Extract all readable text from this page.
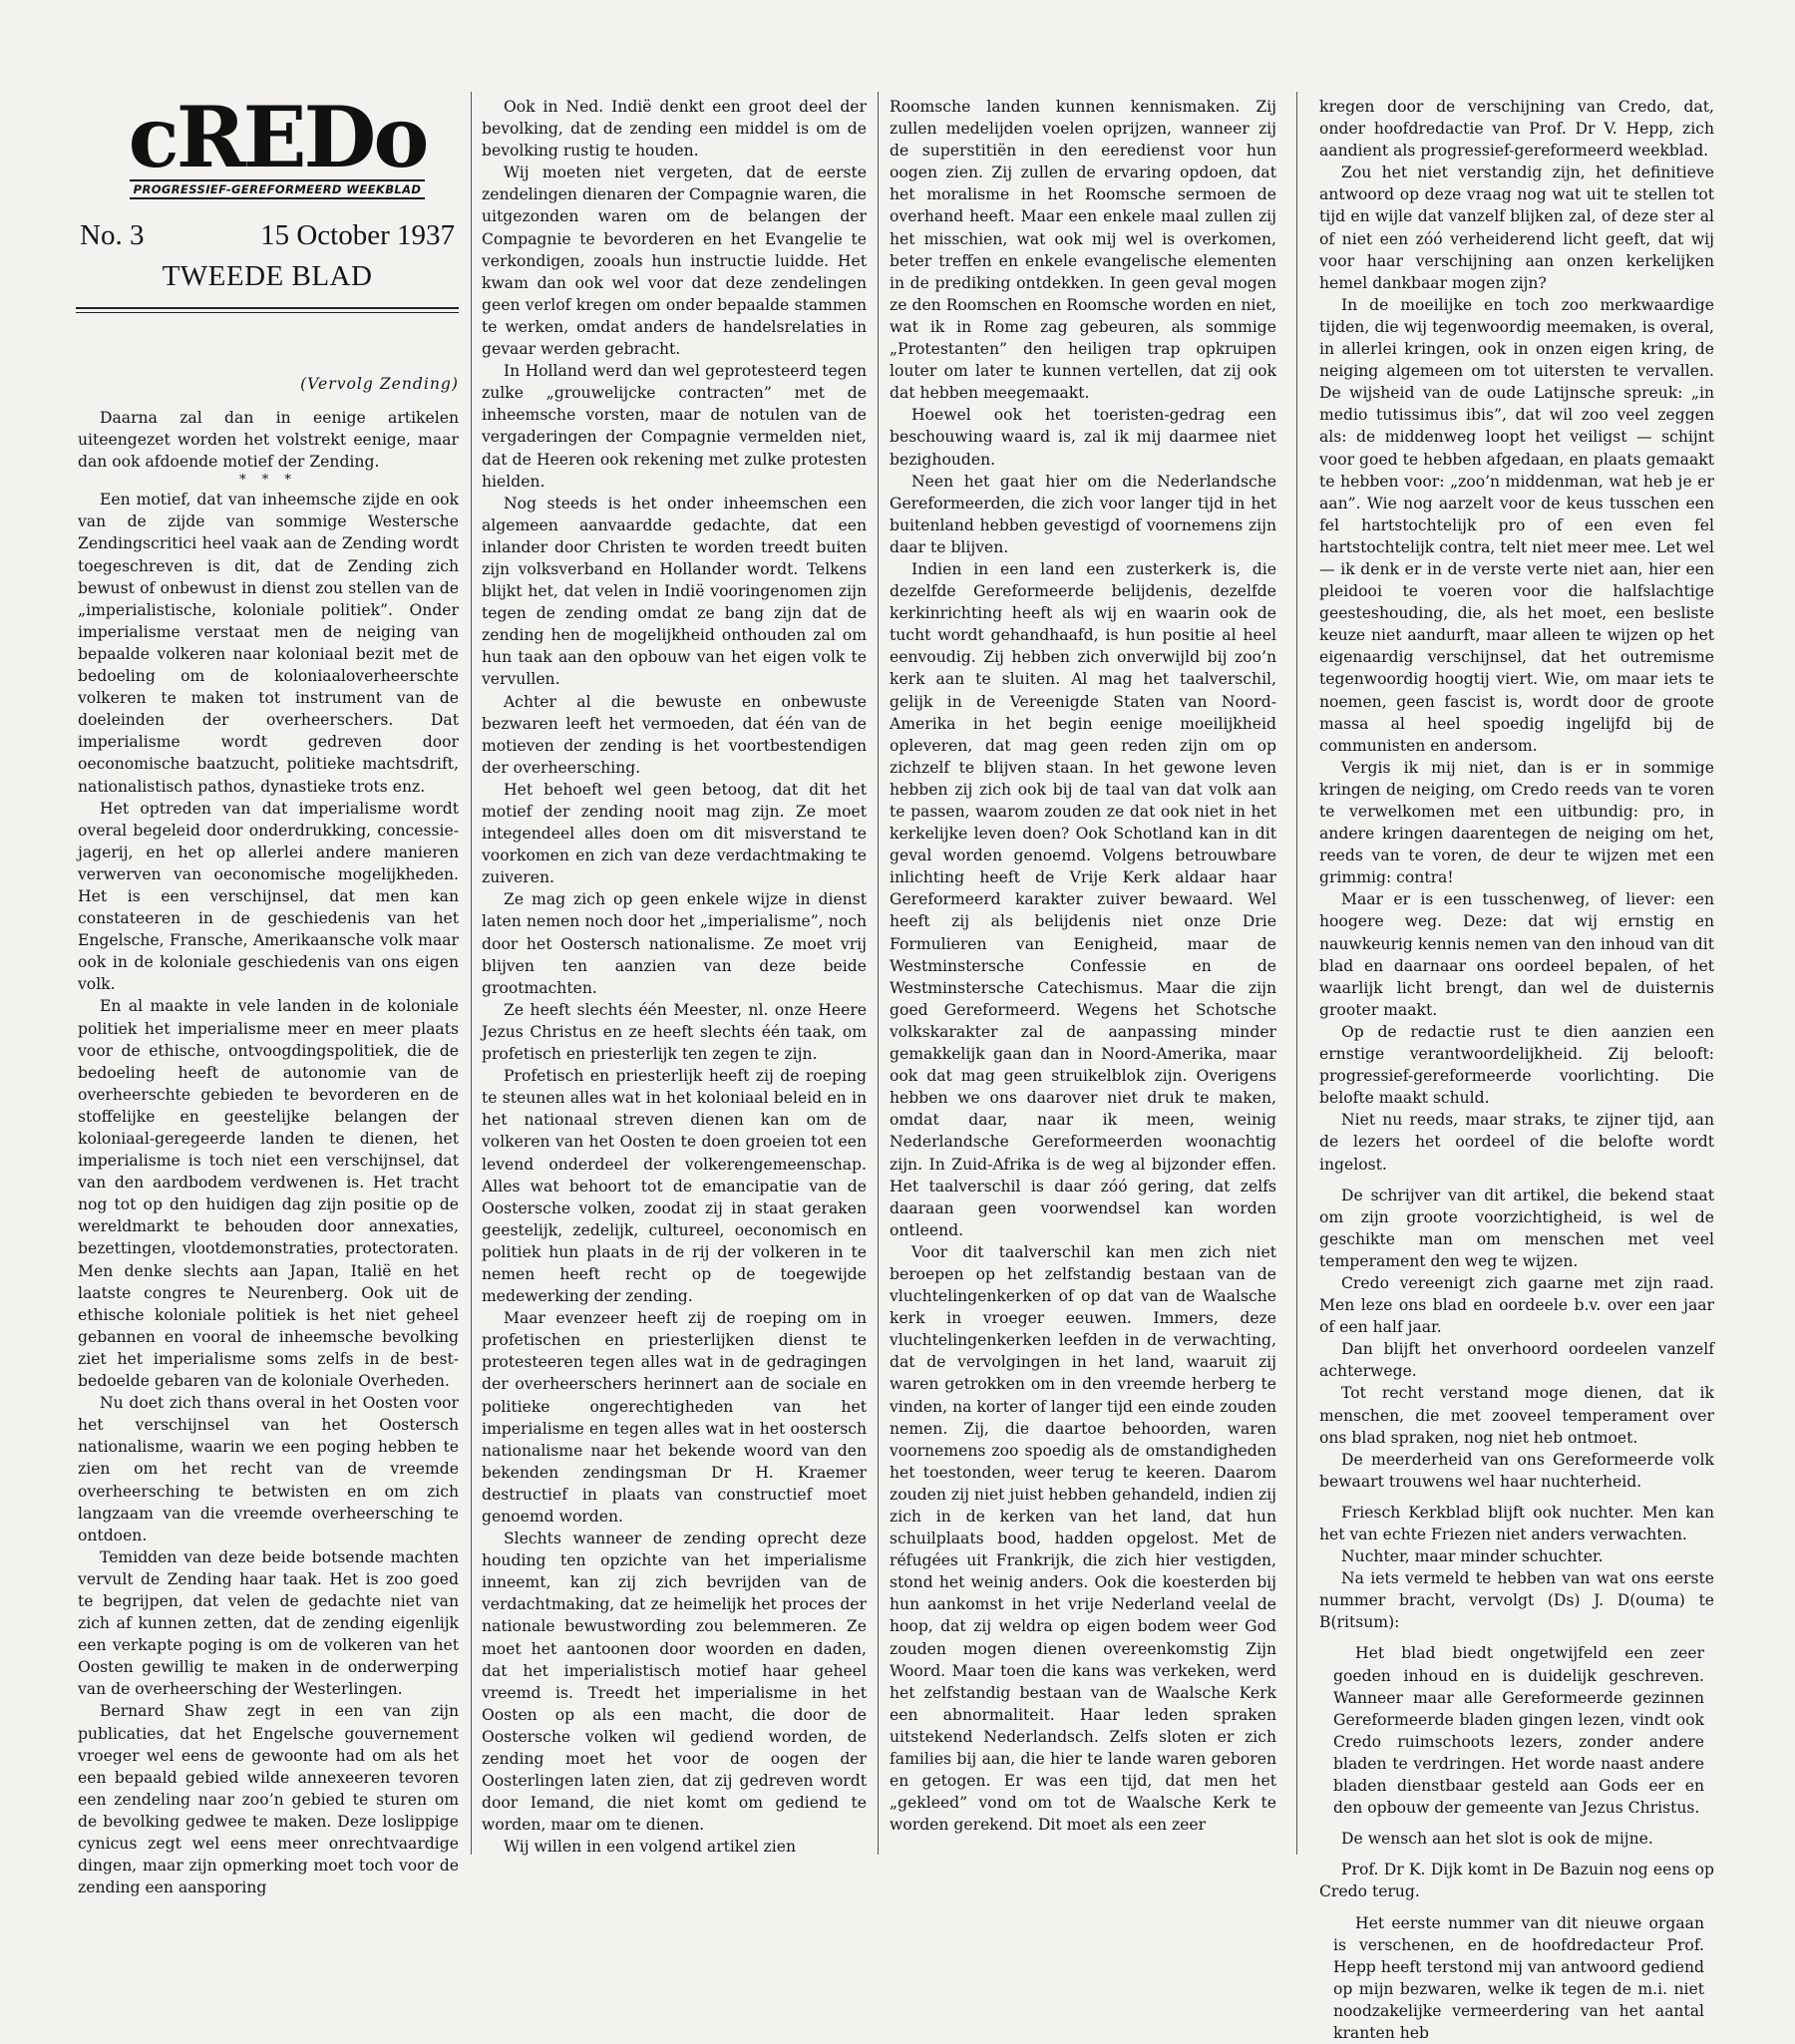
cREDo
PROGRESSIEF-GEREFORMEERD WEEKBLAD
No. 3	15 October 1937
TWEEDE BLAD
(Vervolg Zending)

Daarna zal dan in eenige artikelen uiteengezet worden het volstrekt eenige, maar dan ook afdoende motief der Zending.

* * *

Een motief, dat van inheemsche zijde en ook van de zijde van sommige Westersche Zendingscritici heel vaak aan de Zending wordt toegeschreven is dit, dat de Zending zich bewust of onbewust in dienst zou stellen van de „imperialistische, koloniale politiek”. Onder imperialisme verstaat men de neiging van bepaalde volkeren naar koloniaal bezit met de bedoeling om de koloniaaloverheerschte volkeren te maken tot instrument van de doeleinden der overheerschers. Dat imperialisme wordt gedreven door oeconomische baatzucht, politieke machtsdrift, nationalistisch pathos, dynastieke trots enz.

Het optreden van dat imperialisme wordt overal begeleid door onderdrukking, concessie-jagerij, en het op allerlei andere manieren verwerven van oeconomische mogelijkheden. Het is een verschijnsel, dat men kan constateeren in de geschiedenis van het Engelsche, Fransche, Amerikaansche volk maar ook in de koloniale geschiedenis van ons eigen volk.

En al maakte in vele landen in de koloniale politiek het imperialisme meer en meer plaats voor de ethische, ontvoogdingspolitiek, die de bedoeling heeft de autonomie van de overheerschte gebieden te bevorderen en de stoffelijke en geestelijke belangen der koloniaal-geregeerde landen te dienen, het imperialisme is toch niet een verschijnsel, dat van den aardbodem verdwenen is. Het tracht nog tot op den huidigen dag zijn positie op de wereldmarkt te behouden door annexaties, bezettingen, vlootdemonstraties, protectoraten. Men denke slechts aan Japan, Italië en het laatste congres te Neurenberg. Ook uit de ethische koloniale politiek is het niet geheel gebannen en vooral de inheemsche bevolking ziet het imperialisme soms zelfs in de best-bedoelde gebaren van de koloniale Overheden.

Nu doet zich thans overal in het Oosten voor het verschijnsel van het Oostersch nationalisme, waarin we een poging hebben te zien om het recht van de vreemde overheersching te betwisten en om zich langzaam van die vreemde overheersching te ontdoen.

Temidden van deze beide botsende machten vervult de Zending haar taak. Het is zoo goed te begrijpen, dat velen de gedachte niet van zich af kunnen zetten, dat de zending eigenlijk een verkapte poging is om de volkeren van het Oosten gewillig te maken in de onderwerping van de overheersching der Westerlingen.

Bernard Shaw zegt in een van zijn publicaties, dat het Engelsche gouvernement vroeger wel eens de gewoonte had om als het een bepaald gebied wilde annexeeren tevoren een zendeling naar zoo’n gebied te sturen om de bevolking gedwee te maken. Deze loslippige cynicus zegt wel eens meer onrechtvaardige dingen, maar zijn opmerking moet toch voor de zending een aansporing

Ook in Ned. Indië denkt een groot deel der bevolking, dat de zending een middel is om de bevolking rustig te houden.

Wij moeten niet vergeten, dat de eerste zendelingen dienaren der Compagnie waren, die uitgezonden waren om de belangen der Compagnie te bevorderen en het Evangelie te verkondigen, zooals hun instructie luidde. Het kwam dan ook wel voor dat deze zendelingen geen verlof kregen om onder bepaalde stammen te werken, omdat anders de handelsrelaties in gevaar werden gebracht.

In Holland werd dan wel geprotesteerd tegen zulke „grouwelijcke contracten” met de inheemsche vorsten, maar de notulen van de vergaderingen der Compagnie vermelden niet, dat de Heeren ook rekening met zulke protesten hielden.

Nog steeds is het onder inheemschen een algemeen aanvaardde gedachte, dat een inlander door Christen te worden treedt buiten zijn volksverband en Hollander wordt. Telkens blijkt het, dat velen in Indië vooringenomen zijn tegen de zending omdat ze bang zijn dat de zending hen de mogelijkheid onthouden zal om hun taak aan den opbouw van het eigen volk te vervullen.

Achter al die bewuste en onbewuste bezwaren leeft het vermoeden, dat één van de motieven der zending is het voortbestendigen der overheersching.

Het behoeft wel geen betoog, dat dit het motief der zending nooit mag zijn. Ze moet integendeel alles doen om dit misverstand te voorkomen en zich van deze verdachtmaking te zuiveren.

Ze mag zich op geen enkele wijze in dienst laten nemen noch door het „imperialisme”, noch door het Oostersch nationalisme. Ze moet vrij blijven ten aanzien van deze beide grootmachten.

Ze heeft slechts één Meester, nl. onze Heere Jezus Christus en ze heeft slechts één taak, om profetisch en priesterlijk ten zegen te zijn.

Profetisch en priesterlijk heeft zij de roeping te steunen alles wat in het koloniaal beleid en in het nationaal streven dienen kan om de volkeren van het Oosten te doen groeien tot een levend onderdeel der volkerengemeenschap. Alles wat behoort tot de emancipatie van de Oostersche volken, zoodat zij in staat geraken geestelijk, zedelijk, cultureel, oeconomisch en politiek hun plaats in de rij der volkeren in te nemen heeft recht op de toegewijde medewerking der zending.

Maar evenzeer heeft zij de roeping om in profetischen en priesterlijken dienst te protesteeren tegen alles wat in de gedragingen der overheerschers herinnert aan de sociale en politieke ongerechtigheden van het imperialisme en tegen alles wat in het oostersch nationalisme naar het bekende woord van den bekenden zendingsman Dr H. Kraemer destructief in plaats van constructief moet genoemd worden.

Slechts wanneer de zending oprecht deze houding ten opzichte van het imperialisme inneemt, kan zij zich bevrijden van de verdachtmaking, dat ze heimelijk het proces der nationale bewustwording zou belemmeren. Ze moet het aantoonen door woorden en daden, dat het imperialistisch motief haar geheel vreemd is. Treedt het imperialisme in het Oosten op als een macht, die door de Oostersche volken wil gediend worden, de zending moet het voor de oogen der Oosterlingen laten zien, dat zij gedreven wordt door Iemand, die niet komt om gediend te worden, maar om te dienen.

Wij willen in een volgend artikel zien

Roomsche landen kunnen kennismaken. Zij zullen medelijden voelen oprijzen, wanneer zij de superstitiën in den eeredienst voor hun oogen zien. Zij zullen de ervaring opdoen, dat het moralisme in het Roomsche sermoen de overhand heeft. Maar een enkele maal zullen zij het misschien, wat ook mij wel is overkomen, beter treffen en enkele evangelische elementen in de prediking ontdekken. In geen geval mogen ze den Roomschen en Roomsche worden en niet, wat ik in Rome zag gebeuren, als sommige „Protestanten” den heiligen trap opkruipen louter om later te kunnen vertellen, dat zij ook dat hebben meegemaakt.

Hoewel ook het toeristen-gedrag een beschouwing waard is, zal ik mij daarmee niet bezighouden.

Neen het gaat hier om die Nederlandsche Gereformeerden, die zich voor langer tijd in het buitenland hebben gevestigd of voornemens zijn daar te blijven.

Indien in een land een zusterkerk is, die dezelfde Gereformeerde belijdenis, dezelfde kerkinrichting heeft als wij en waarin ook de tucht wordt gehandhaafd, is hun positie al heel eenvoudig. Zij hebben zich onverwijld bij zoo’n kerk aan te sluiten. Al mag het taalverschil, gelijk in de Vereenigde Staten van Noord-Amerika in het begin eenige moeilijkheid opleveren, dat mag geen reden zijn om op zichzelf te blijven staan. In het gewone leven hebben zij zich ook bij de taal van dat volk aan te passen, waarom zouden ze dat ook niet in het kerkelijke leven doen? Ook Schotland kan in dit geval worden genoemd. Volgens betrouwbare inlichting heeft de Vrije Kerk aldaar haar Gereformeerd karakter zuiver bewaard. Wel heeft zij als belijdenis niet onze Drie Formulieren van Eenigheid, maar de Westminstersche Confessie en de Westminstersche Catechismus. Maar die zijn goed Gereformeerd. Wegens het Schotsche volkskarakter zal de aanpassing minder gemakkelijk gaan dan in Noord-Amerika, maar ook dat mag geen struikelblok zijn. Overigens hebben we ons daarover niet druk te maken, omdat daar, naar ik meen, weinig Nederlandsche Gereformeerden woonachtig zijn. In Zuid-Afrika is de weg al bijzonder effen. Het taalverschil is daar zóó gering, dat zelfs daaraan geen voorwendsel kan worden ontleend.

Voor dit taalverschil kan men zich niet beroepen op het zelfstandig bestaan van de vluchtelingenkerken of op dat van de Waalsche kerk in vroeger eeuwen. Immers, deze vluchtelingenkerken leefden in de verwachting, dat de vervolgingen in het land, waaruit zij waren getrokken om in den vreemde herberg te vinden, na korter of langer tijd een einde zouden nemen. Zij, die daartoe behoorden, waren voornemens zoo spoedig als de omstandigheden het toestonden, weer terug te keeren. Daarom zouden zij niet juist hebben gehandeld, indien zij zich in de kerken van het land, dat hun schuilplaats bood, hadden opgelost. Met de réfugées uit Frankrijk, die zich hier vestigden, stond het weinig anders. Ook die koesterden bij hun aankomst in het vrije Nederland veelal de hoop, dat zij weldra op eigen bodem weer God zouden mogen dienen overeenkomstig Zijn Woord. Maar toen die kans was verkeken, werd het zelfstandig bestaan van de Waalsche Kerk een abnormaliteit. Haar leden spraken uitstekend Nederlandsch. Zelfs sloten er zich families bij aan, die hier te lande waren geboren en getogen. Er was een tijd, dat men het „gekleed” vond om tot de Waalsche Kerk te worden gerekend. Dit moet als een zeer

kregen door de verschijning van Credo, dat, onder hoofdredactie van Prof. Dr V. Hepp, zich aandient als progressief-gereformeerd weekblad.

Zou het niet verstandig zijn, het definitieve antwoord op deze vraag nog wat uit te stellen tot tijd en wijle dat vanzelf blijken zal, of deze ster al of niet een zóó verheiderend licht geeft, dat wij voor haar verschijning aan onzen kerkelijken hemel dankbaar mogen zijn?

In de moeilijke en toch zoo merkwaardige tijden, die wij tegenwoordig meemaken, is overal, in allerlei kringen, ook in onzen eigen kring, de neiging algemeen om tot uitersten te vervallen. De wijsheid van de oude Latijnsche spreuk: „in medio tutissimus ibis”, dat wil zoo veel zeggen als: de middenweg loopt het veiligst — schijnt voor goed te hebben afgedaan, en plaats gemaakt te hebben voor: „zoo’n middenman, wat heb je er aan”. Wie nog aarzelt voor de keus tusschen een fel hartstochtelijk pro of een even fel hartstochtelijk contra, telt niet meer mee. Let wel — ik denk er in de verste verte niet aan, hier een pleidooi te voeren voor die halfslachtige geesteshouding, die, als het moet, een besliste keuze niet aandurft, maar alleen te wijzen op het eigenaardig verschijnsel, dat het outremisme tegenwoordig hoogtij viert. Wie, om maar iets te noemen, geen fascist is, wordt door de groote massa al heel spoedig ingelijfd bij de communisten en andersom.

Vergis ik mij niet, dan is er in sommige kringen de neiging, om Credo reeds van te voren te verwelkomen met een uitbundig: pro, in andere kringen daarentegen de neiging om het, reeds van te voren, de deur te wijzen met een grimmig: contra!

Maar er is een tusschenweg, of liever: een hoogere weg. Deze: dat wij ernstig en nauwkeurig kennis nemen van den inhoud van dit blad en daarnaar ons oordeel bepalen, of het waarlijk licht brengt, dan wel de duisternis grooter maakt.

Op de redactie rust te dien aanzien een ernstige verantwoordelijkheid. Zij belooft: progressief-gereformeerde voorlichting. Die belofte maakt schuld.

Niet nu reeds, maar straks, te zijner tijd, aan de lezers het oordeel of die belofte wordt ingelost.

De schrijver van dit artikel, die bekend staat om zijn groote voorzichtigheid, is wel de geschikte man om menschen met veel temperament den weg te wijzen.

Credo vereenigt zich gaarne met zijn raad. Men leze ons blad en oordeele b.v. over een jaar of een half jaar.

Dan blijft het onverhoord oordeelen vanzelf achterwege.

Tot recht verstand moge dienen, dat ik menschen, die met zooveel temperament over ons blad spraken, nog niet heb ontmoet.

De meerderheid van ons Gereformeerde volk bewaart trouwens wel haar nuchterheid.

Friesch Kerkblad blijft ook nuchter. Men kan het van echte Friezen niet anders verwachten.

Nuchter, maar minder schuchter.

Na iets vermeld te hebben van wat ons eerste nummer bracht, vervolgt (Ds) J. D(ouma) te B(ritsum):

Het blad biedt ongetwijfeld een zeer goeden inhoud en is duidelijk geschreven. Wanneer maar alle Gereformeerde gezinnen Gereformeerde bladen gingen lezen, vindt ook Credo ruimschoots lezers, zonder andere bladen te verdringen. Het worde naast andere bladen dienstbaar gesteld aan Gods eer en den opbouw der gemeente van Jezus Christus.

De wensch aan het slot is ook de mijne.

Prof. Dr K. Dijk komt in De Bazuin nog eens op Credo terug.

Het eerste nummer van dit nieuwe orgaan is verschenen, en de hoofdredacteur Prof. Hepp heeft terstond mij van antwoord gediend op mijn bezwaren, welke ik tegen de m.i. niet noodzakelijke vermeerdering van het aantal kranten heb
